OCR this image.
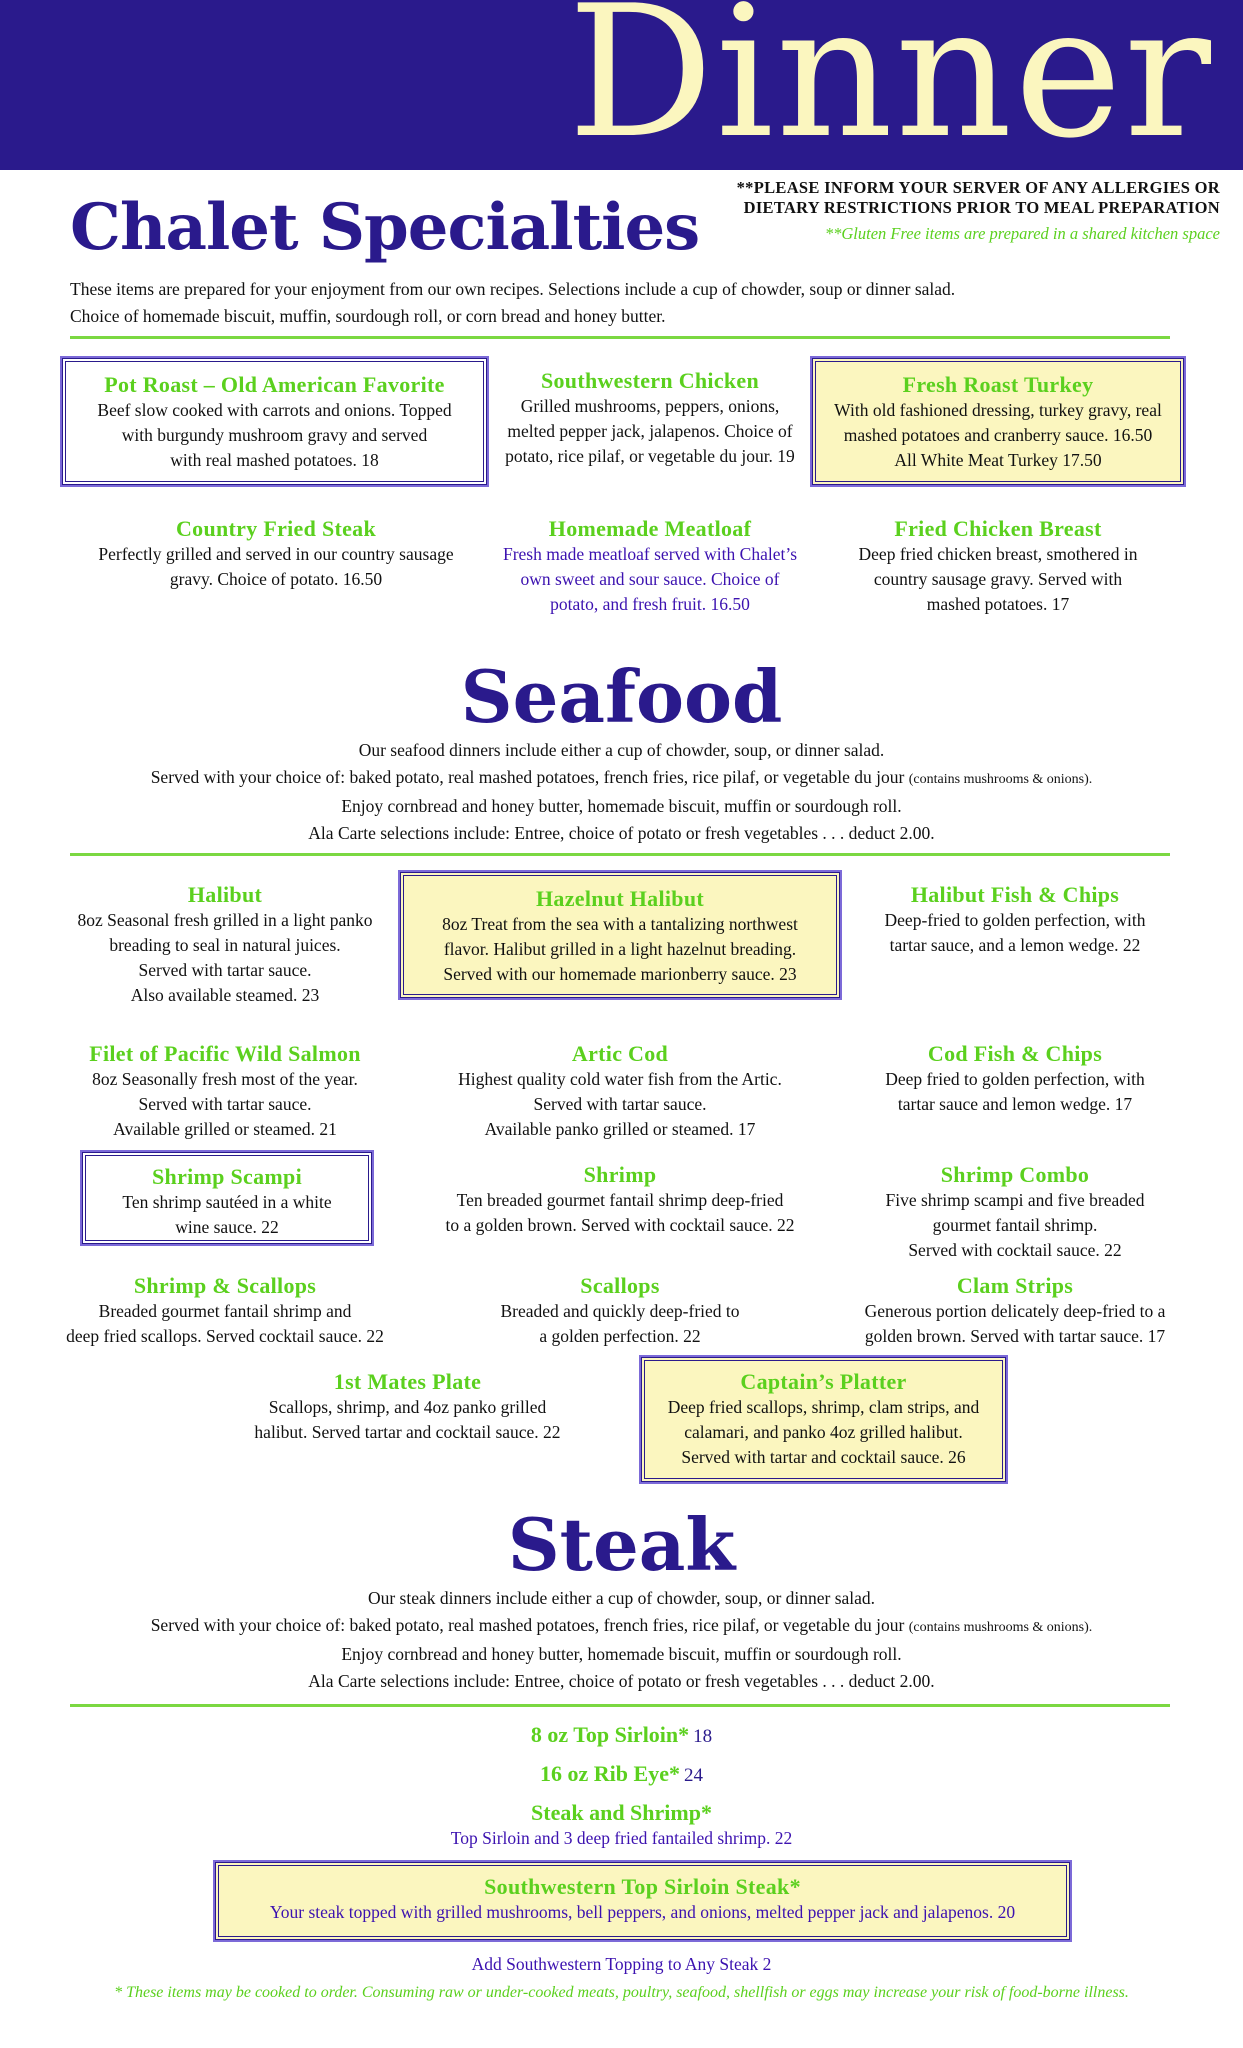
Dinner
**PLEASE INFORM YOUR SERVER OF ANY ALLERGIES OR
DIETARY RESTRICTIONS PRIOR TO MEAL PREPARATION
**Gluten Free items are prepared in a shared kitchen space
Chalet Specialties
These items are prepared for your enjoyment from our own recipes. Selections include a cup of chowder, soup or dinner salad.
Choice of homemade biscuit, muffin, sourdough roll, or corn bread and honey butter.
Pot Roast – Old American Favorite
Beef slow cooked with carrots and onions. Topped
with burgundy mushroom gravy and served
with real mashed potatoes. 18
Southwestern Chicken
Grilled mushrooms, peppers, onions,
melted pepper jack, jalapenos. Choice of
potato, rice pilaf, or vegetable du jour. 19
Fresh Roast Turkey
With old fashioned dressing, turkey gravy, real
mashed potatoes and cranberry sauce. 16.50
All White Meat Turkey 17.50
Country Fried Steak
Perfectly grilled and served in our country sausage
gravy. Choice of potato. 16.50
Homemade Meatloaf
Fresh made meatloaf served with Chalet’s
own sweet and sour sauce. Choice of
potato, and fresh fruit. 16.50
Fried Chicken Breast
Deep fried chicken breast, smothered in
country sausage gravy. Served with
mashed potatoes. 17
Seafood
Our seafood dinners include either a cup of chowder, soup, or dinner salad.
Served with your choice of: baked potato, real mashed potatoes, french fries, rice pilaf, or vegetable du jour (contains mushrooms & onions).
Enjoy cornbread and honey butter, homemade biscuit, muffin or sourdough roll.
Ala Carte selections include: Entree, choice of potato or fresh vegetables . . . deduct 2.00.
Halibut
8oz Seasonal fresh grilled in a light panko
breading to seal in natural juices.
Served with tartar sauce.
Also available steamed. 23
Hazelnut Halibut
8oz Treat from the sea with a tantalizing northwest
flavor. Halibut grilled in a light hazelnut breading.
Served with our homemade marionberry sauce. 23
Halibut Fish & Chips
Deep-fried to golden perfection, with
tartar sauce, and a lemon wedge. 22
Filet of Pacific Wild Salmon
8oz Seasonally fresh most of the year.
Served with tartar sauce.
Available grilled or steamed. 21
Artic Cod
Highest quality cold water fish from the Artic.
Served with tartar sauce.
Available panko grilled or steamed. 17
Cod Fish & Chips
Deep fried to golden perfection, with
tartar sauce and lemon wedge. 17
Shrimp Scampi
Ten shrimp sautéed in a white
wine sauce. 22
Shrimp
Ten breaded gourmet fantail shrimp deep-fried
to a golden brown. Served with cocktail sauce. 22
Shrimp Combo
Five shrimp scampi and five breaded
gourmet fantail shrimp.
Served with cocktail sauce. 22
Shrimp & Scallops
Breaded gourmet fantail shrimp and
deep fried scallops. Served cocktail sauce. 22
Scallops
Breaded and quickly deep-fried to
a golden perfection. 22
Clam Strips
Generous portion delicately deep-fried to a
golden brown. Served with tartar sauce. 17
1st Mates Plate
Scallops, shrimp, and 4oz panko grilled
halibut. Served tartar and cocktail sauce. 22
Captain’s Platter
Deep fried scallops, shrimp, clam strips, and
calamari, and panko 4oz grilled halibut.
Served with tartar and cocktail sauce. 26
Steak
Our steak dinners include either a cup of chowder, soup, or dinner salad.
Served with your choice of: baked potato, real mashed potatoes, french fries, rice pilaf, or vegetable du jour (contains mushrooms & onions).
Enjoy cornbread and honey butter, homemade biscuit, muffin or sourdough roll.
Ala Carte selections include: Entree, choice of potato or fresh vegetables . . . deduct 2.00.
8 oz Top Sirloin* 18
16 oz Rib Eye* 24
Steak and Shrimp*
Top Sirloin and 3 deep fried fantailed shrimp. 22
Southwestern Top Sirloin Steak*
Your steak topped with grilled mushrooms, bell peppers, and onions, melted pepper jack and jalapenos. 20
Add Southwestern Topping to Any Steak 2
* These items may be cooked to order. Consuming raw or under-cooked meats, poultry, seafood, shellfish or eggs may increase your risk of food-borne illness.
